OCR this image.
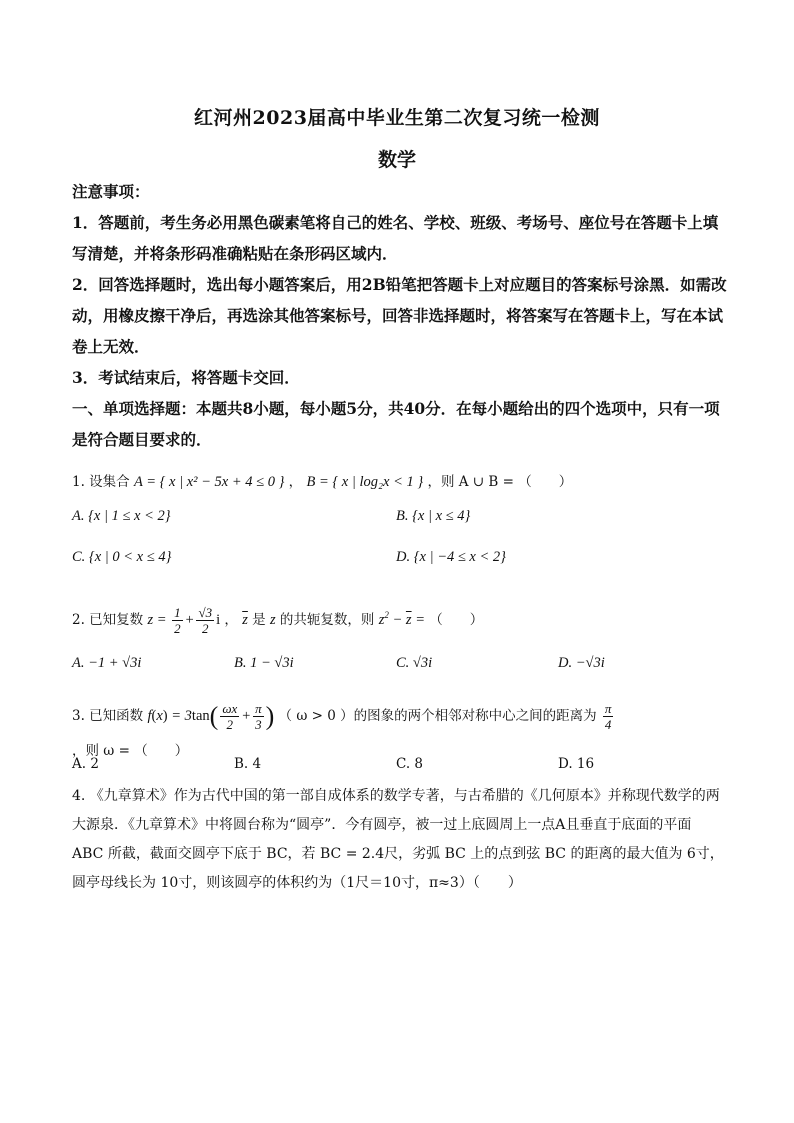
红河州2023届高中毕业生第二次复习统一检测
数学

注意事项：

1．答题前，考生务必用黑色碳素笔将自己的姓名、学校、班级、考场号、座位号在答题卡上填写清楚，并将条形码准确粘贴在条形码区域内．

2．回答选择题时，选出每小题答案后，用2B铅笔把答题卡上对应题目的答案标号涂黑．如需改动，用橡皮擦干净后，再选涂其他答案标号，回答非选择题时，将答案写在答题卡上，写在本试卷上无效．

3．考试结束后，将答题卡交回．

一、单项选择题：本题共8小题，每小题5分，共40分．在每小题给出的四个选项中，只有一项是符合题目要求的．

1. 设集合 A = { x | x² − 5x + 4 ≤ 0 } ， B = { x | log₂x < 1 } ，则 A ∪ B = （　　）
A. {x | 1 ≤ x < 2}	B. {x | x ≤ 4}
C. {x | 0 < x ≤ 4}	D. {x | −4 ≤ x < 2}
2. 已知复数 $z = \frac{1}{2} + \frac{√3}{2}$ i ， $\overline{z}$ 是 z 的共轭复数，则 $z^2 - \overline{z}$ = （　　）
A. −1 + √3i	B. 1 − √3i	C. √3i	D. −√3i
3. 已知函数 $f(x) = 3\tan( \frac{\omega x}{2} + \frac{\pi}{3}$ ) （ ω > 0 ）的图象的两个相邻对称中心之间的距离为 $\frac{\pi}{4}$
，则 ω = （　　）
A. 2	B. 4	C. 8	D. 16
4. 《九章算术》作为古代中国的第一部自成体系的数学专著，与古希腊的《几何原本》并称现代数学的两大源泉．《九章算术》中将圆台称为“圆亭”．今有圆亭，被一过上底圆周上一点A且垂直于底面的平面 ABC 所截，截面交圆亭下底于 BC，若 BC = 2.4尺，劣弧 BC 上的点到弦 BC 的距离的最大值为 6寸，圆亭母线长为 10寸，则该圆亭的体积约为（1尺＝10寸，π≈3）（　　）
